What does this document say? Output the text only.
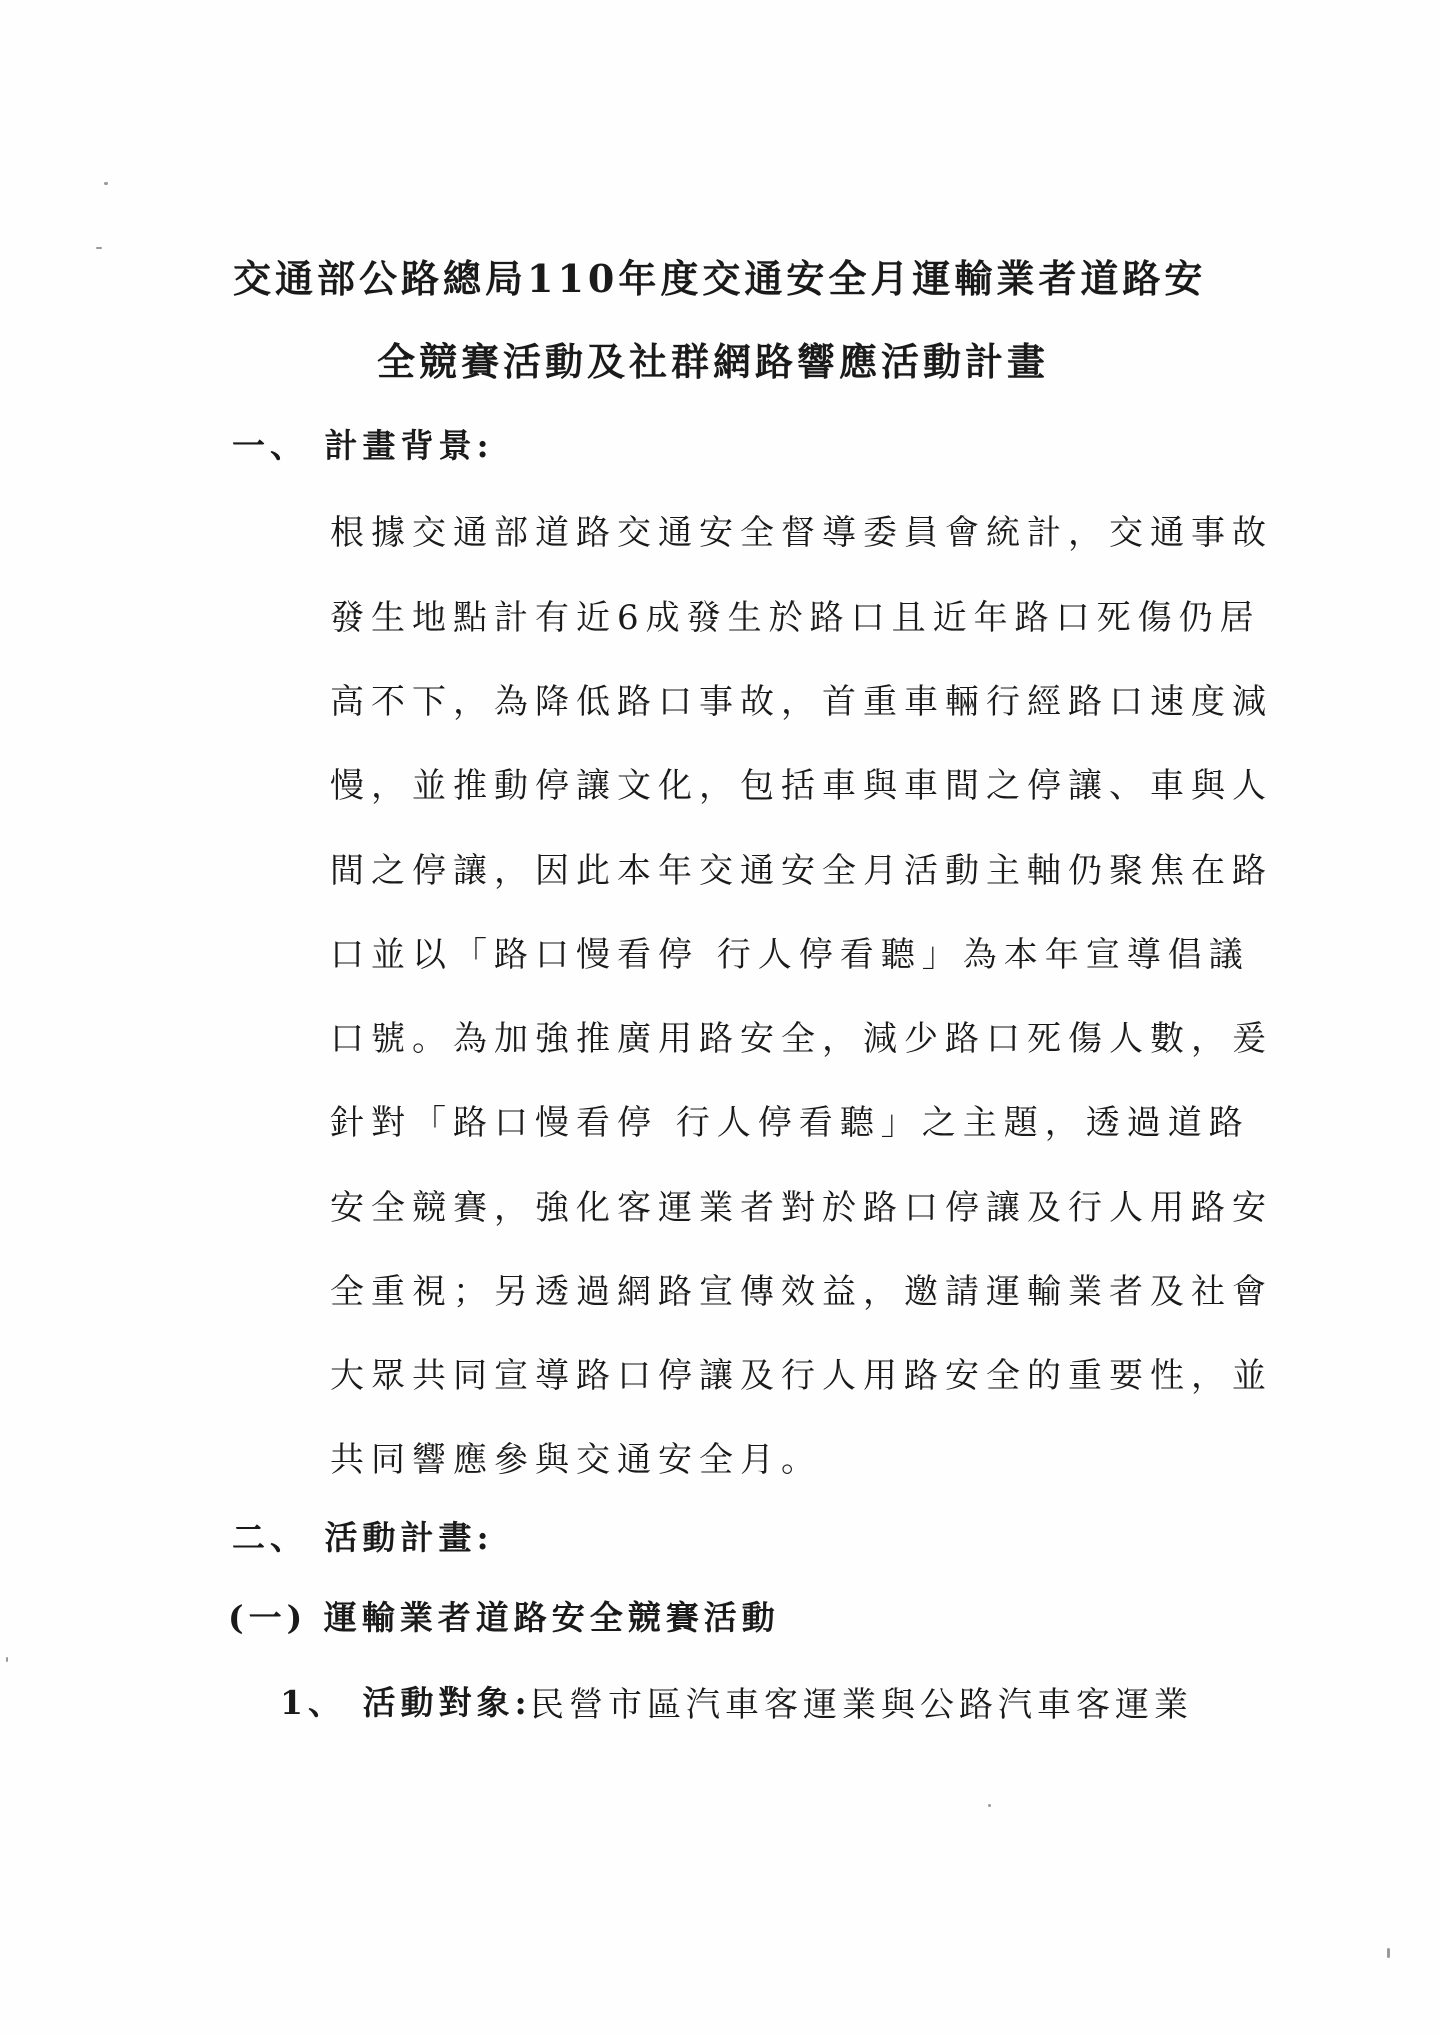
交通部公路總局110年度交通安全月運輸業者道路安
全競賽活動及社群網路響應活動計畫
一、 計畫背景:
根據交通部道路交通安全督導委員會統計，交通事故
發生地點計有近6成發生於路口且近年路口死傷仍居
高不下，為降低路口事故，首重車輛行經路口速度減
慢，並推動停讓文化，包括車與車間之停讓、車與人
間之停讓，因此本年交通安全月活動主軸仍聚焦在路
口並以「路口慢看停 行人停看聽」為本年宣導倡議
口號。為加強推廣用路安全，減少路口死傷人數，爰
針對「路口慢看停 行人停看聽」之主題，透過道路
安全競賽，強化客運業者對於路口停讓及行人用路安
全重視；另透過網路宣傳效益，邀請運輸業者及社會
大眾共同宣導路口停讓及行人用路安全的重要性，並
共同響應參與交通安全月。
二、 活動計畫:
(一) 運輸業者道路安全競賽活動
1、 活動對象:
民營市區汽車客運業與公路汽車客運業
